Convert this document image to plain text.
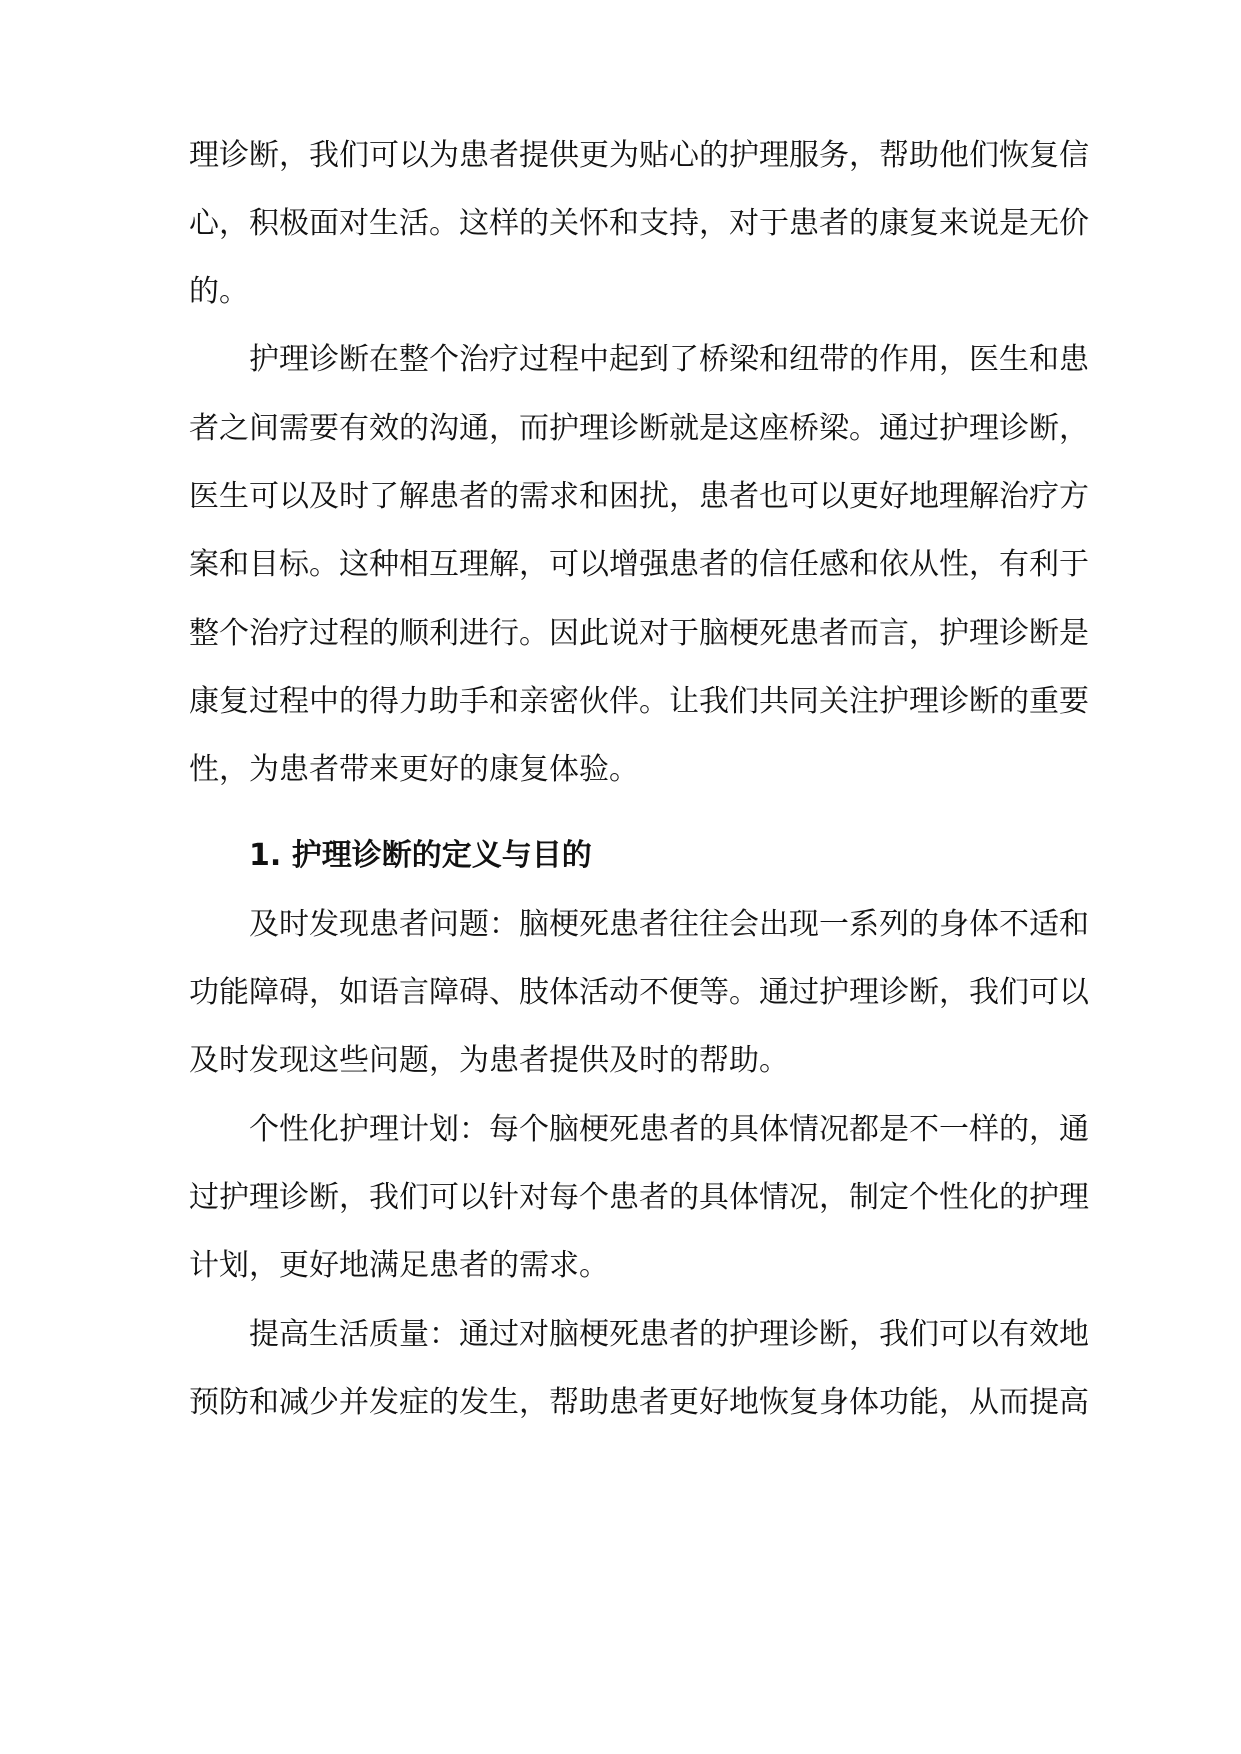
理诊断，我们可以为患者提供更为贴心的护理服务，帮助他们恢复信
心，积极面对生活。这样的关怀和支持，对于患者的康复来说是无价
的。
护理诊断在整个治疗过程中起到了桥梁和纽带的作用，医生和患
者之间需要有效的沟通，而护理诊断就是这座桥梁。通过护理诊断，
医生可以及时了解患者的需求和困扰，患者也可以更好地理解治疗方
案和目标。这种相互理解，可以增强患者的信任感和依从性，有利于
整个治疗过程的顺利进行。因此说对于脑梗死患者而言，护理诊断是
康复过程中的得力助手和亲密伙伴。让我们共同关注护理诊断的重要
性，为患者带来更好的康复体验。
1. 护理诊断的定义与目的
及时发现患者问题：脑梗死患者往往会出现一系列的身体不适和
功能障碍，如语言障碍、肢体活动不便等。通过护理诊断，我们可以
及时发现这些问题，为患者提供及时的帮助。
个性化护理计划：每个脑梗死患者的具体情况都是不一样的，通
过护理诊断，我们可以针对每个患者的具体情况，制定个性化的护理
计划，更好地满足患者的需求。
提高生活质量：通过对脑梗死患者的护理诊断，我们可以有效地
预防和减少并发症的发生，帮助患者更好地恢复身体功能，从而提高
